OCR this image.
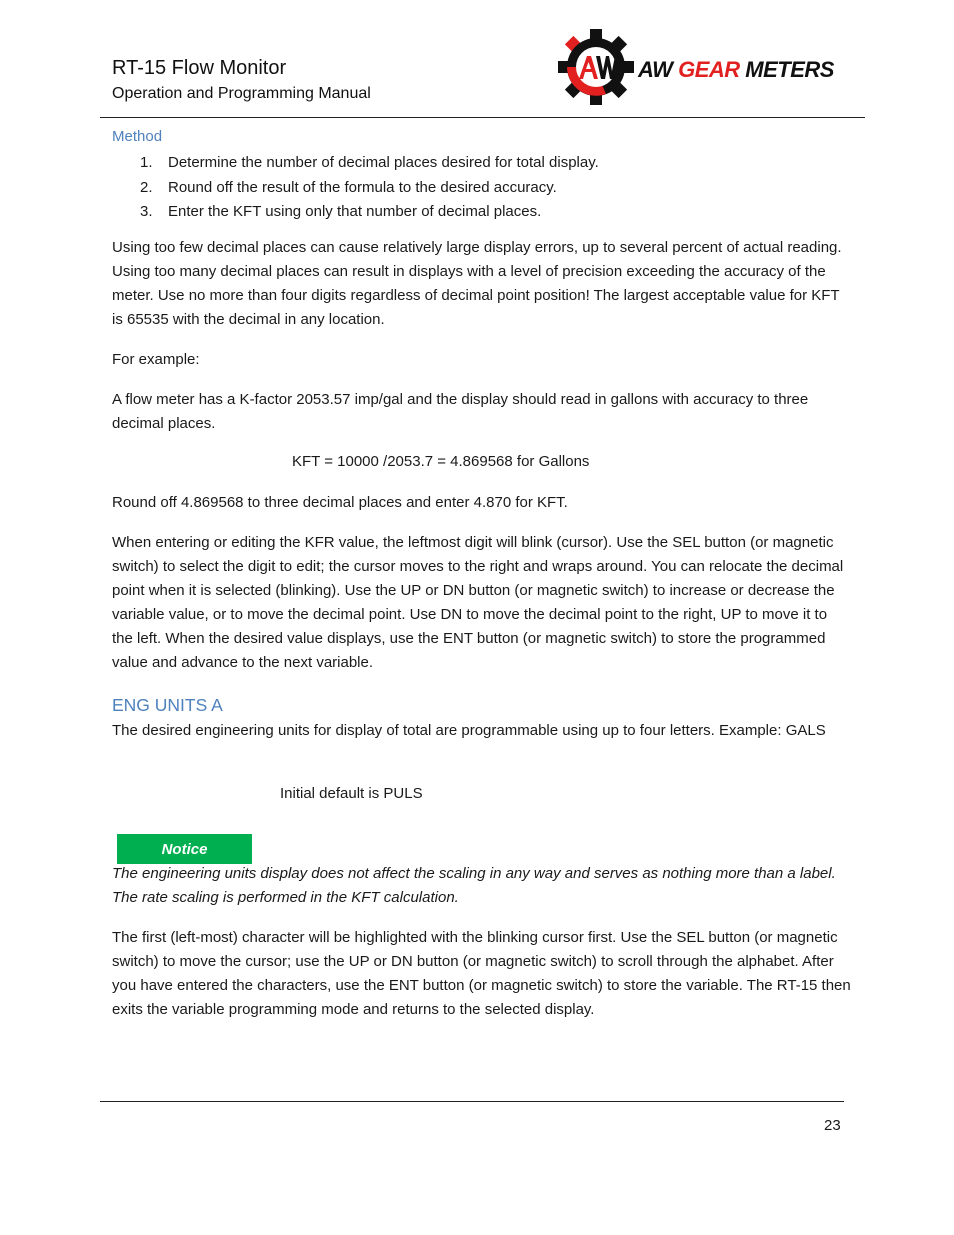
RT-15 Flow Monitor
Operation and Programming Manual
AW GEAR METERS
Method
1.	Determine the number of decimal places desired for total display.
2.	Round off the result of the formula to the desired accuracy.
3.	Enter the KFT using only that number of decimal places.

Using too few decimal places can cause relatively large display errors, up to several percent of actual reading. Using too many decimal places can result in displays with a level of precision exceeding the accuracy of the meter. Use no more than four digits regardless of decimal point position! The largest acceptable value for KFT is 65535 with the decimal in any location.

For example:

A flow meter has a K-factor 2053.57 imp/gal and the display should read in gallons with accuracy to three decimal places.

KFT = 10000 /2053.7 = 4.869568 for Gallons

Round off 4.869568 to three decimal places and enter 4.870 for KFT.

When entering or editing the KFR value, the leftmost digit will blink (cursor). Use the SEL button (or magnetic switch) to select the digit to edit; the cursor moves to the right and wraps around. You can relocate the decimal point when it is selected (blinking). Use the UP or DN button (or magnetic switch) to increase or decrease the variable value, or to move the decimal point. Use DN to move the decimal point to the right, UP to move it to the left. When the desired value displays, use the ENT button (or magnetic switch) to store the programmed value and advance to the next variable.

ENG UNITS A

The desired engineering units for display of total are programmable using up to four letters. Example: GALS

Initial default is PULS
Notice

The engineering units display does not affect the scaling in any way and serves as nothing more than a label. The rate scaling is performed in the KFT calculation.

The first (left-most) character will be highlighted with the blinking cursor first. Use the SEL button (or magnetic switch) to move the cursor; use the UP or DN button (or magnetic switch) to scroll through the alphabet. After you have entered the characters, use the ENT button (or magnetic switch) to store the variable. The RT-15 then exits the variable programming mode and returns to the selected display.

23
